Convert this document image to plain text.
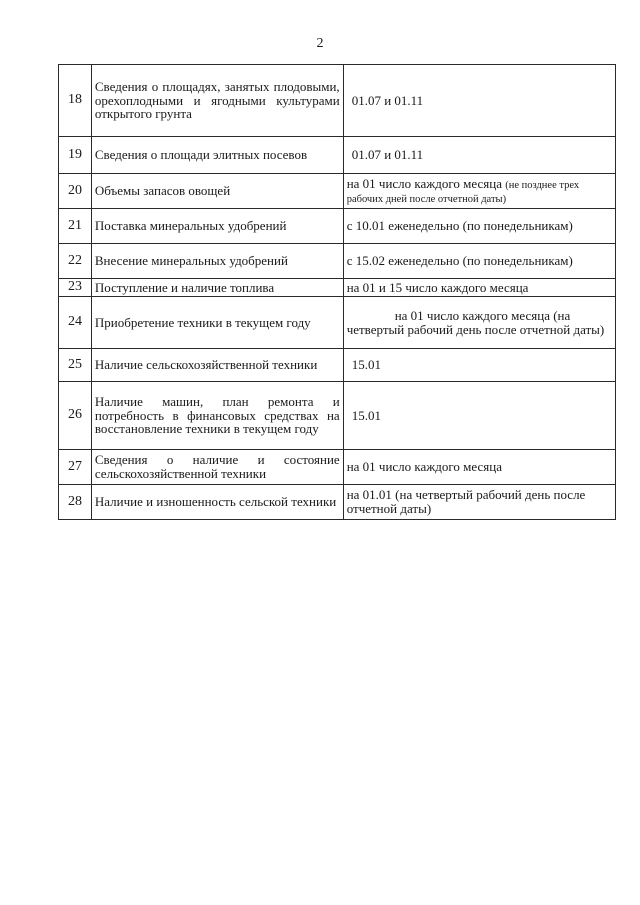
2
18	Сведения о площадях, занятых плодовыми, орехоплодными и ягодными культурами открытого грунта	01.07 и 01.11
19	Сведения о площади элитных посевов	01.07 и 01.11
20	Объемы запасов овощей	на 01 число каждого месяца (не позднее трех рабочих дней после отчетной даты)
21	Поставка минеральных удобрений	с 10.01 еженедельно (по понедельникам)
22	Внесение минеральных удобрений	с 15.02 еженедельно (по понедельникам)
23	Поступление и наличие топлива	на 01 и 15 число каждого месяца
24	Приобретение техники в текущем году	на 01 число каждого месяца (на четвертый рабочий день после отчетной даты)
25	Наличие сельскохозяйственной техники	15.01
26	Наличие машин, план ремонта и потребность в финансовых средствах на восстановление техники в текущем году	15.01
27	Сведения о наличие и состояние сельскохозяйственной техники	на 01 число каждого месяца
28	Наличие и изношенность сельской техники	на 01.01 (на четвертый рабочий день после отчетной даты)
